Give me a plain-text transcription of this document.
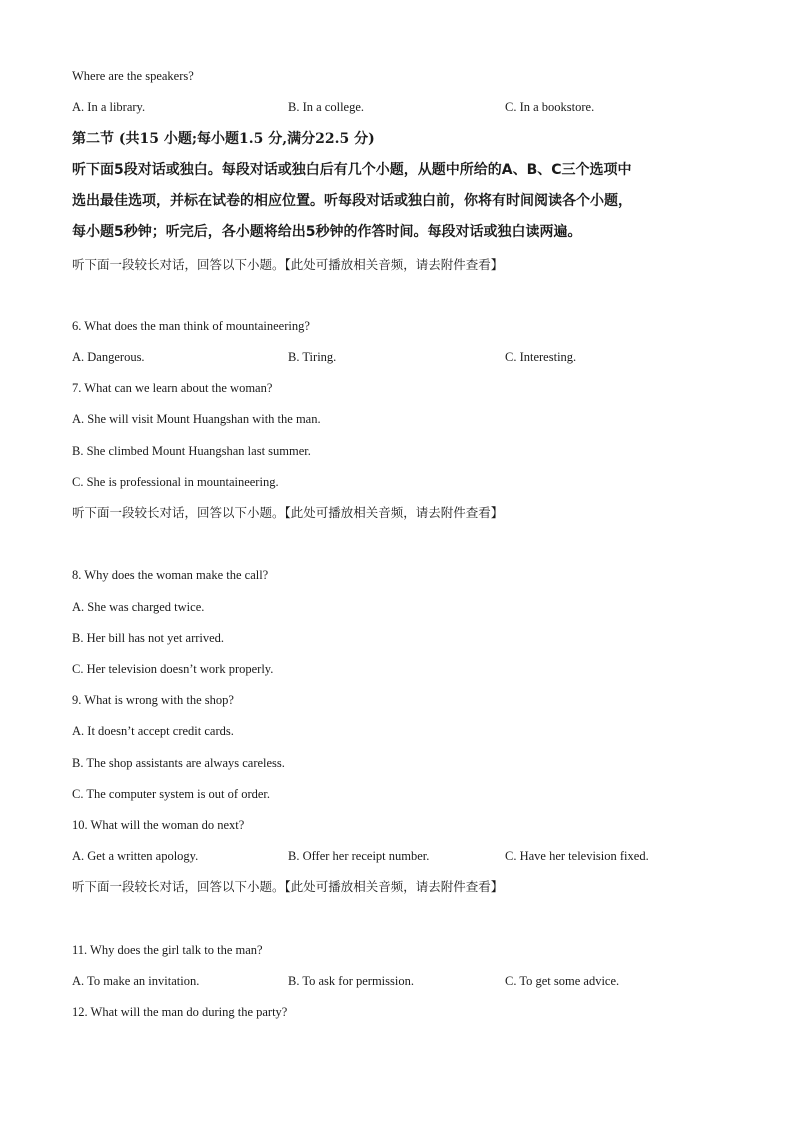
Where are the speakers?
A. In a library.	B. In a college.	C. In a bookstore.
第二节 (共15 小题;每小题1.5 分,满分22.5 分)
听下面5段对话或独白。每段对话或独白后有几个小题，从题中所给的A、B、C三个选项中
选出最佳选项，并标在试卷的相应位置。听每段对话或独白前，你将有时间阅读各个小题，
每小题5秒钟；听完后，各小题将给出5秒钟的作答时间。每段对话或独白读两遍。
听下面一段较长对话，回答以下小题。【此处可播放相关音频，请去附件查看】
6. What does the man think of mountaineering?
A. Dangerous.	B. Tiring.	C. Interesting.
7. What can we learn about the woman?
A. She will visit Mount Huangshan with the man.
B. She climbed Mount Huangshan last summer.
C. She is professional in mountaineering.
听下面一段较长对话，回答以下小题。【此处可播放相关音频，请去附件查看】
8. Why does the woman make the call?
A. She was charged twice.
B. Her bill has not yet arrived.
C. Her television doesn’t work properly.
9. What is wrong with the shop?
A. It doesn’t accept credit cards.
B. The shop assistants are always careless.
C. The computer system is out of order.
10. What will the woman do next?
A. Get a written apology.	B. Offer her receipt number.	C. Have her television fixed.
听下面一段较长对话，回答以下小题。【此处可播放相关音频，请去附件查看】
11. Why does the girl talk to the man?
A. To make an invitation.	B. To ask for permission.	C. To get some advice.
12. What will the man do during the party?
